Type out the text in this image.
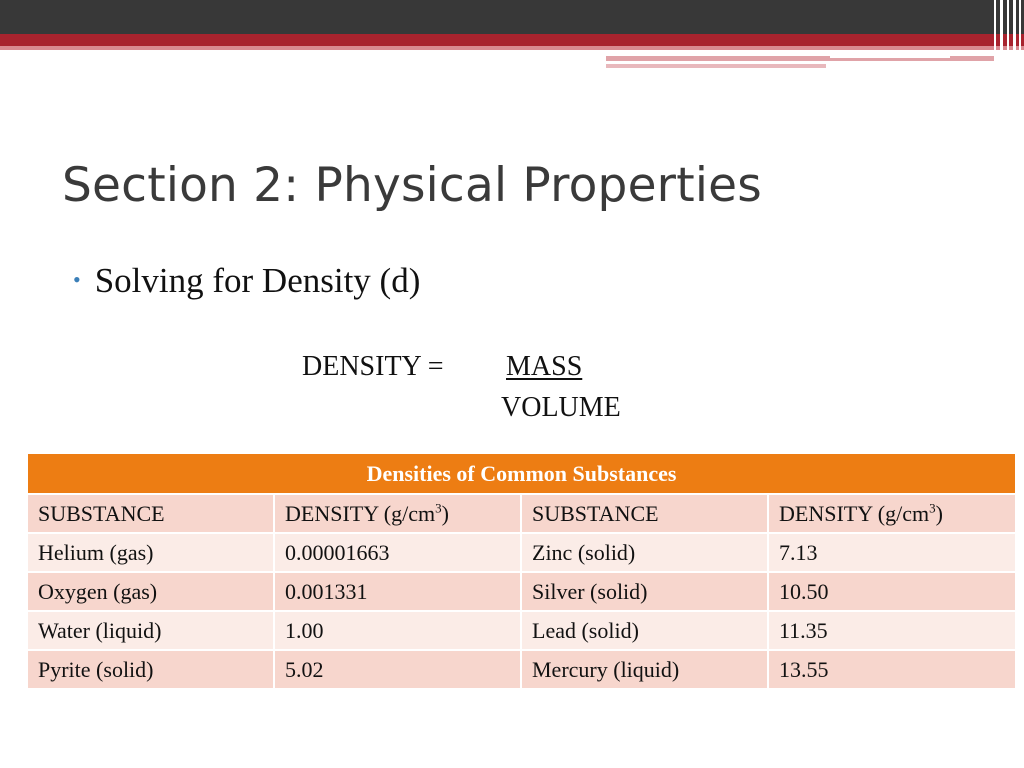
Section 2: Physical Properties
• Solving for Density (d)
DENSITY = MASS
VOLUME
Densities of Common Substances			
SUBSTANCE	DENSITY $(g/cm^3)$	SUBSTANCE	DENSITY $(g/cm^3)$
Helium (gas)	0.00001663	Zinc (solid)	7.13
Oxygen (gas)	0.001331	Silver (solid)	10.50
Water (liquid)	1.00	Lead (solid)	11.35
Pyrite (solid)	5.02	Mercury (liquid)	13.55
